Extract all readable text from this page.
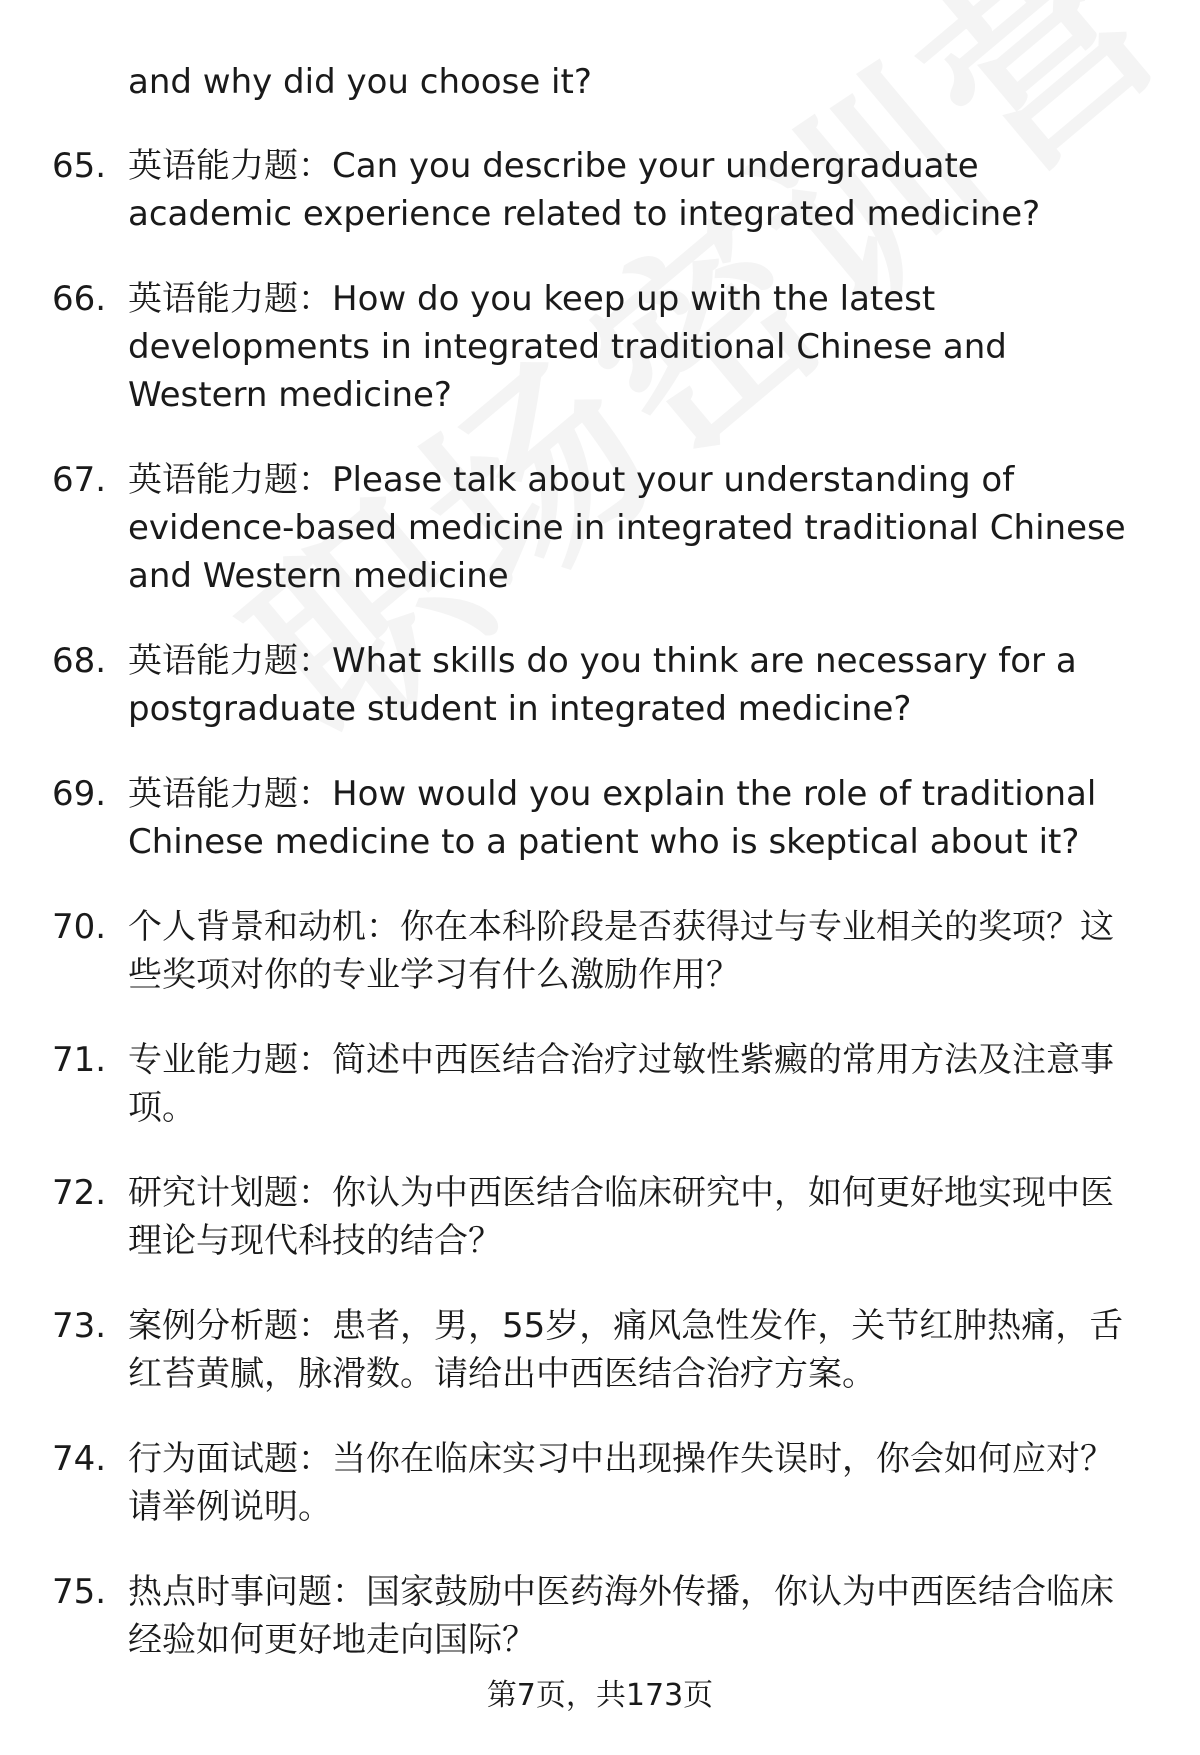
and why did you choose it?
65. 英语能力题：Can you describe your undergraduate academic experience related to integrated medicine?
66. 英语能力题：How do you keep up with the latest developments in integrated traditional Chinese and Western medicine?
67. 英语能力题：Please talk about your understanding of evidence-based medicine in integrated traditional Chinese and Western medicine
68. 英语能力题：What skills do you think are necessary for a postgraduate student in integrated medicine?
69. 英语能力题：How would you explain the role of traditional Chinese medicine to a patient who is skeptical about it?
70. 个人背景和动机：你在本科阶段是否获得过与专业相关的奖项？这些奖项对你的专业学习有什么激励作用？
71. 专业能力题：简述中西医结合治疗过敏性紫癜的常用方法及注意事项。
72. 研究计划题：你认为中西医结合临床研究中，如何更好地实现中医理论与现代科技的结合？
73. 案例分析题：患者，男，55岁，痛风急性发作，关节红肿热痛，舌红苔黄腻，脉滑数。请给出中西医结合治疗方案。
74. 行为面试题：当你在临床实习中出现操作失误时，你会如何应对？请举例说明。
75. 热点时事问题：国家鼓励中医药海外传播，你认为中西医结合临床经验如何更好地走向国际？
第7页，共173页
